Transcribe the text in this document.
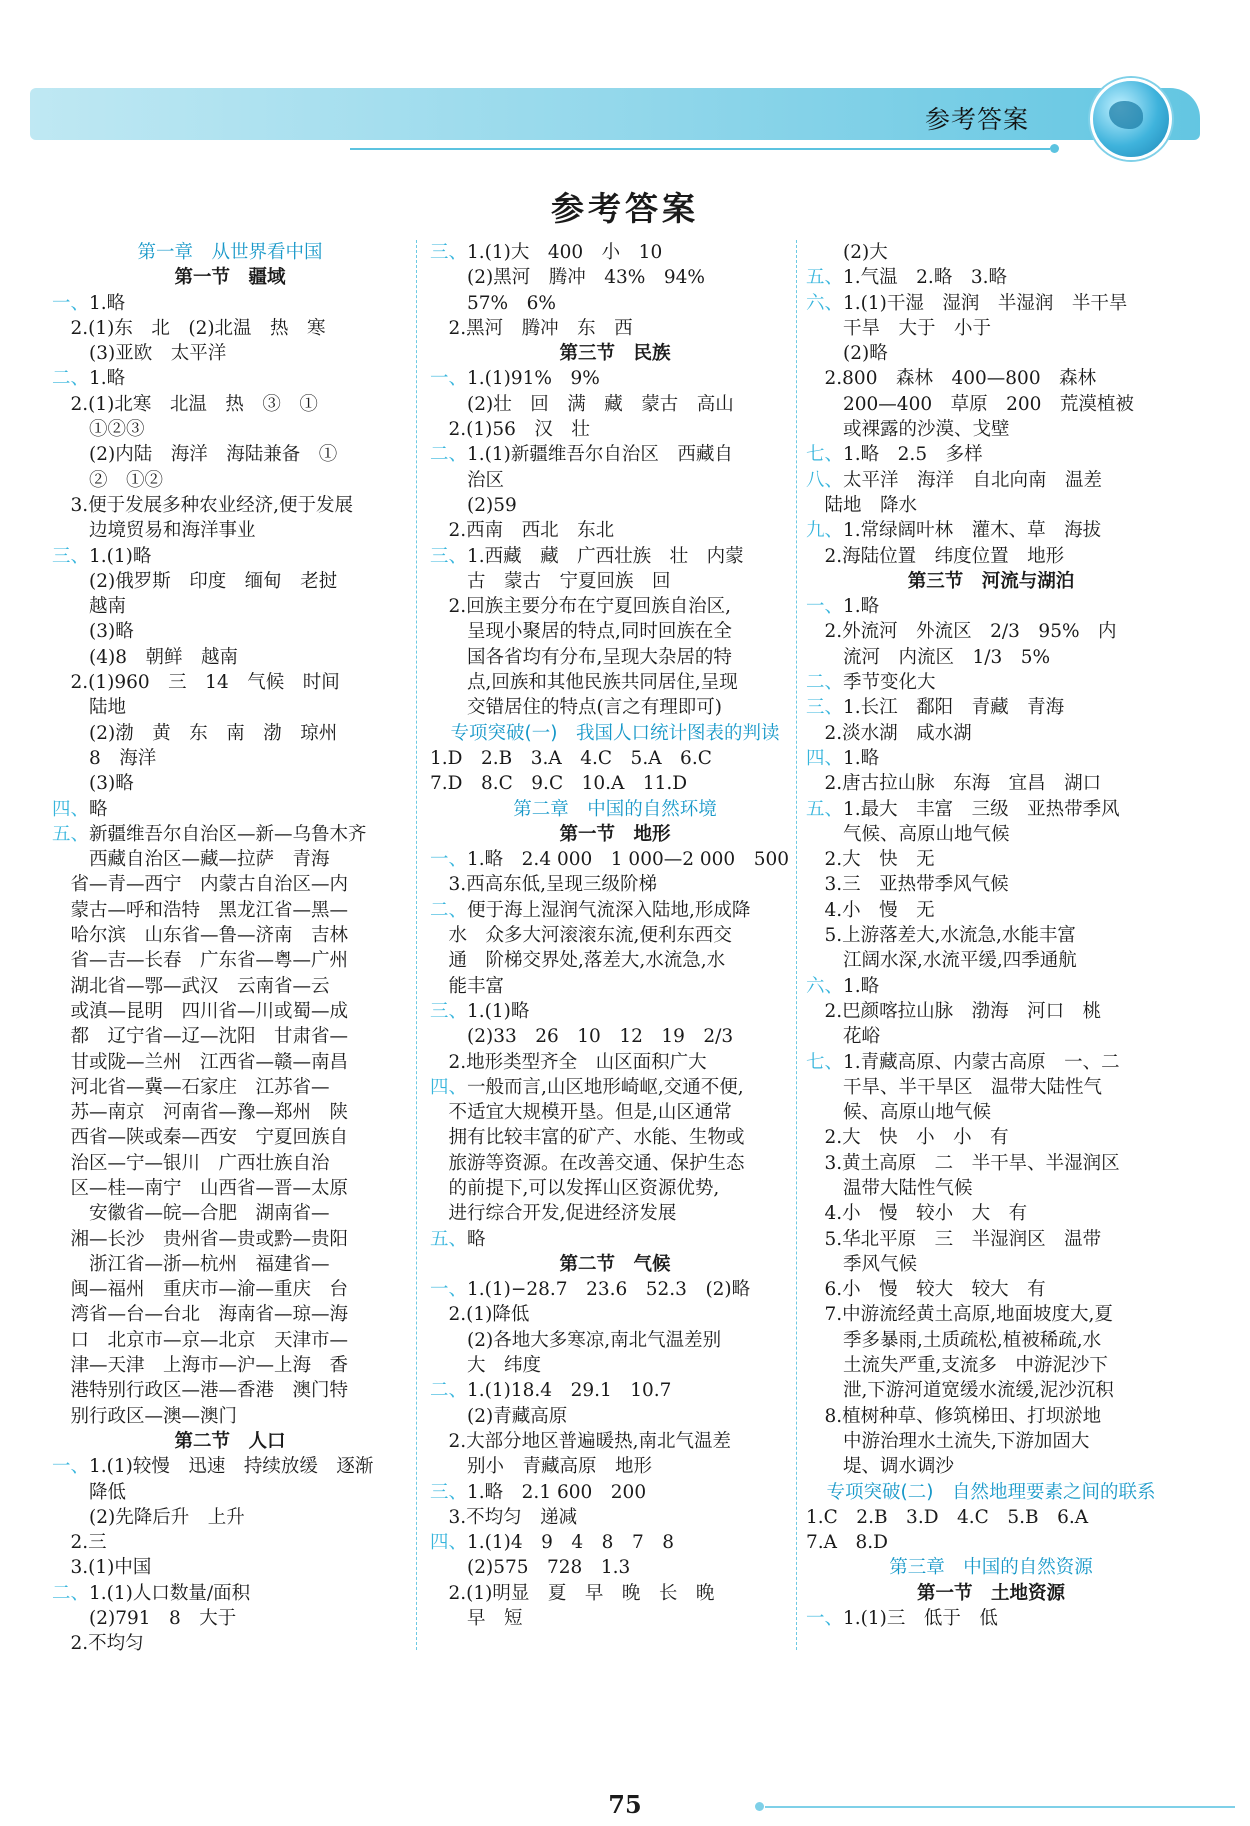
参考答案
参考答案
第一章　从世界看中国
第一节　疆域
一、1.略
　2.(1)东　北　(2)北温　热　寒
　　(3)亚欧　太平洋
二、1.略
　2.(1)北寒　北温　热　③　①
　　①②③
　　(2)内陆　海洋　海陆兼备　①
　　②　①②
　3.便于发展多种农业经济,便于发展
　　边境贸易和海洋事业
三、1.(1)略
　　(2)俄罗斯　印度　缅甸　老挝
　　越南
　　(3)略
　　(4)8　朝鲜　越南
　2.(1)960　三　14　气候　时间
　　陆地
　　(2)渤　黄　东　南　渤　琼州
　　8　海洋
　　(3)略
四、略
五、新疆维吾尔自治区—新—乌鲁木齐
　　西藏自治区—藏—拉萨　青海
　省—青—西宁　内蒙古自治区—内
　蒙古—呼和浩特　黑龙江省—黑—
　哈尔滨　山东省—鲁—济南　吉林
　省—吉—长春　广东省—粤—广州
　湖北省—鄂—武汉　云南省—云
　或滇—昆明　四川省—川或蜀—成
　都　辽宁省—辽—沈阳　甘肃省—
　甘或陇—兰州　江西省—赣—南昌
　河北省—冀—石家庄　江苏省—
　苏—南京　河南省—豫—郑州　陕
　西省—陕或秦—西安　宁夏回族自
　治区—宁—银川　广西壮族自治
　区—桂—南宁　山西省—晋—太原
　　安徽省—皖—合肥　湖南省—
　湘—长沙　贵州省—贵或黔—贵阳
　　浙江省—浙—杭州　福建省—
　闽—福州　重庆市—渝—重庆　台
　湾省—台—台北　海南省—琼—海
　口　北京市—京—北京　天津市—
　津—天津　上海市—沪—上海　香
　港特别行政区—港—香港　澳门特
　别行政区—澳—澳门
第二节　人口
一、1.(1)较慢　迅速　持续放缓　逐渐
　　降低
　　(2)先降后升　上升
　2.三
　3.(1)中国
二、1.(1)人口数量/面积
　　(2)791　8　大于
　2.不均匀
三、1.(1)大　400　小　10
　　(2)黑河　腾冲　43%　94%
　　57%　6%
　2.黑河　腾冲　东　西
第三节　民族
一、1.(1)91%　9%
　　(2)壮　回　满　藏　蒙古　高山
　2.(1)56　汉　壮
二、1.(1)新疆维吾尔自治区　西藏自
　　治区
　　(2)59
　2.西南　西北　东北
三、1.西藏　藏　广西壮族　壮　内蒙
　　古　蒙古　宁夏回族　回
　2.回族主要分布在宁夏回族自治区,
　　呈现小聚居的特点,同时回族在全
　　国各省均有分布,呈现大杂居的特
　　点,回族和其他民族共同居住,呈现
　　交错居住的特点(言之有理即可)
专项突破(一)　我国人口统计图表的判读
1.D　2.B　3.A　4.C　5.A　6.C
7.D　8.C　9.C　10.A　11.D
第二章　中国的自然环境
第一节　地形
一、1.略　2.4 000　1 000—2 000　500
　3.西高东低,呈现三级阶梯
二、便于海上湿润气流深入陆地,形成降
　水　众多大河滚滚东流,便利东西交
　通　阶梯交界处,落差大,水流急,水
　能丰富
三、1.(1)略
　　(2)33　26　10　12　19　2/3
　2.地形类型齐全　山区面积广大
四、一般而言,山区地形崎岖,交通不便,
　不适宜大规模开垦。但是,山区通常
　拥有比较丰富的矿产、水能、生物或
　旅游等资源。在改善交通、保护生态
　的前提下,可以发挥山区资源优势,
　进行综合开发,促进经济发展
五、略
第二节　气候
一、1.(1)−28.7　23.6　52.3　(2)略
　2.(1)降低
　　(2)各地大多寒凉,南北气温差别
　　大　纬度
二、1.(1)18.4　29.1　10.7
　　(2)青藏高原
　2.大部分地区普遍暖热,南北气温差
　　别小　青藏高原　地形
三、1.略　2.1 600　200
　3.不均匀　递减
四、1.(1)4　9　4　8　7　8
　　(2)575　728　1.3
　2.(1)明显　夏　早　晚　长　晚
　　早　短
　　(2)大
五、1.气温　2.略　3.略
六、1.(1)干湿　湿润　半湿润　半干旱
　　干旱　大于　小于
　　(2)略
　2.800　森林　400—800　森林
　　200—400　草原　200　荒漠植被
　　或裸露的沙漠、戈壁
七、1.略　2.5　多样
八、太平洋　海洋　自北向南　温差
　陆地　降水
九、1.常绿阔叶林　灌木、草　海拔
　2.海陆位置　纬度位置　地形
第三节　河流与湖泊
一、1.略
　2.外流河　外流区　2/3　95%　内
　　流河　内流区　1/3　5%
二、季节变化大
三、1.长江　鄱阳　青藏　青海
　2.淡水湖　咸水湖
四、1.略
　2.唐古拉山脉　东海　宜昌　湖口
五、1.最大　丰富　三级　亚热带季风
　　气候、高原山地气候
　2.大　快　无
　3.三　亚热带季风气候
　4.小　慢　无
　5.上游落差大,水流急,水能丰富
　　江阔水深,水流平缓,四季通航
六、1.略
　2.巴颜喀拉山脉　渤海　河口　桃
　　花峪
七、1.青藏高原、内蒙古高原　一、二
　　干旱、半干旱区　温带大陆性气
　　候、高原山地气候
　2.大　快　小　小　有
　3.黄土高原　二　半干旱、半湿润区
　　温带大陆性气候
　4.小　慢　较小　大　有
　5.华北平原　三　半湿润区　温带
　　季风气候
　6.小　慢　较大　较大　有
　7.中游流经黄土高原,地面坡度大,夏
　　季多暴雨,土质疏松,植被稀疏,水
　　土流失严重,支流多　中游泥沙下
　　泄,下游河道宽缓水流缓,泥沙沉积
　8.植树种草、修筑梯田、打坝淤地
　　中游治理水土流失,下游加固大
　　堤、调水调沙
专项突破(二)　自然地理要素之间的联系
1.C　2.B　3.D　4.C　5.B　6.A
7.A　8.D
第三章　中国的自然资源
第一节　土地资源
一、1.(1)三　低于　低
75
